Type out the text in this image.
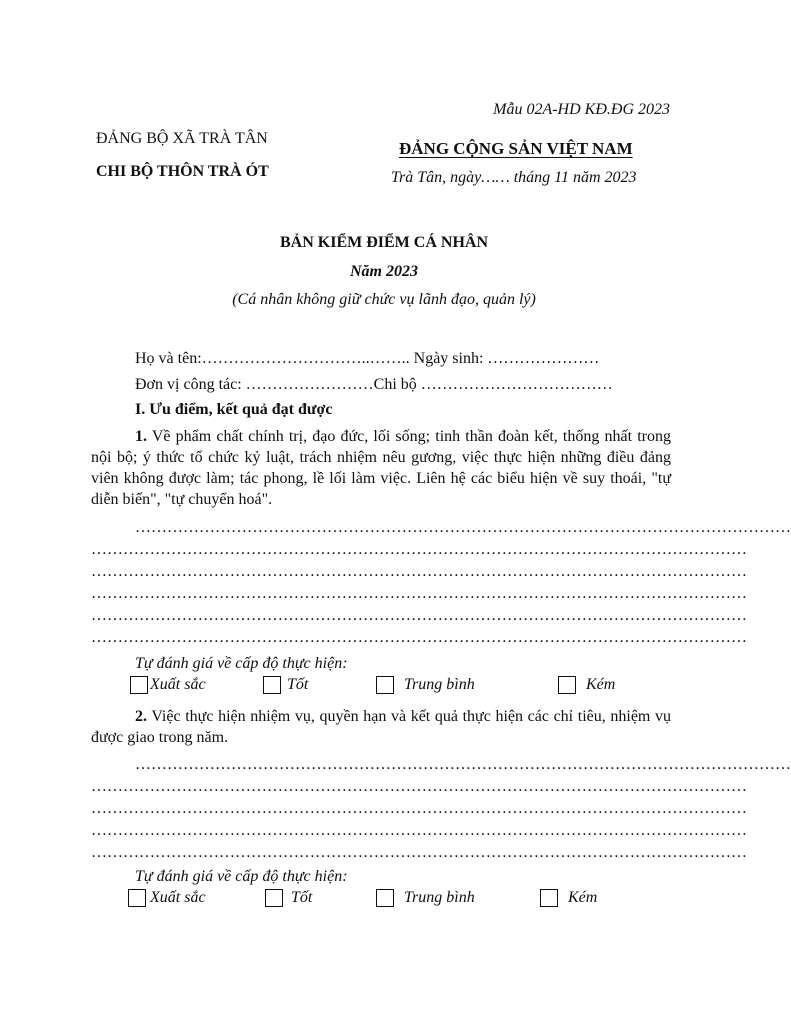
Mẫu 02A-HD KĐ.ĐG 2023
ĐẢNG BỘ XÃ TRÀ TÂN
CHI BỘ THÔN TRÀ ÓT
ĐẢNG CỘNG SẢN VIỆT NAM
Trà Tân, ngày…… tháng 11 năm 2023
BẢN KIỂM ĐIỂM CÁ NHÂN
Năm 2023
(Cá nhân không giữ chức vụ lãnh đạo, quản lý)
Họ và tên:…………………………..…….. Ngày sinh: …………………
Đơn vị công tác: ……………………Chi bộ ………………………………
I. Ưu điểm, kết quả đạt được
1. Về phẩm chất chính trị, đạo đức, lối sống; tinh thần đoàn kết, thống nhất trong nội bộ; ý thức tổ chức kỷ luật, trách nhiệm nêu gương, việc thực hiện những điều đảng viên không được làm; tác phong, lề lối làm việc. Liên hệ các biểu hiện về suy thoái, "tự diễn biến", "tự chuyển hoá".
……………………………………………………………………………………………………………
……………………………………………………………………………………………………………
……………………………………………………………………………………………………………
……………………………………………………………………………………………………………
……………………………………………………………………………………………………………
……………………………………………………………………………………………………………
Tự đánh giá về cấp độ thực hiện:
Xuất sắc	Tốt	Trung bình	Kém
2. Việc thực hiện nhiệm vụ, quyền hạn và kết quả thực hiện các chỉ tiêu, nhiệm vụ được giao trong năm.
……………………………………………………………………………………………………………
……………………………………………………………………………………………………………
……………………………………………………………………………………………………………
……………………………………………………………………………………………………………
……………………………………………………………………………………………………………
Tự đánh giá về cấp độ thực hiện:
Xuất sắc	Tốt	Trung bình	Kém
